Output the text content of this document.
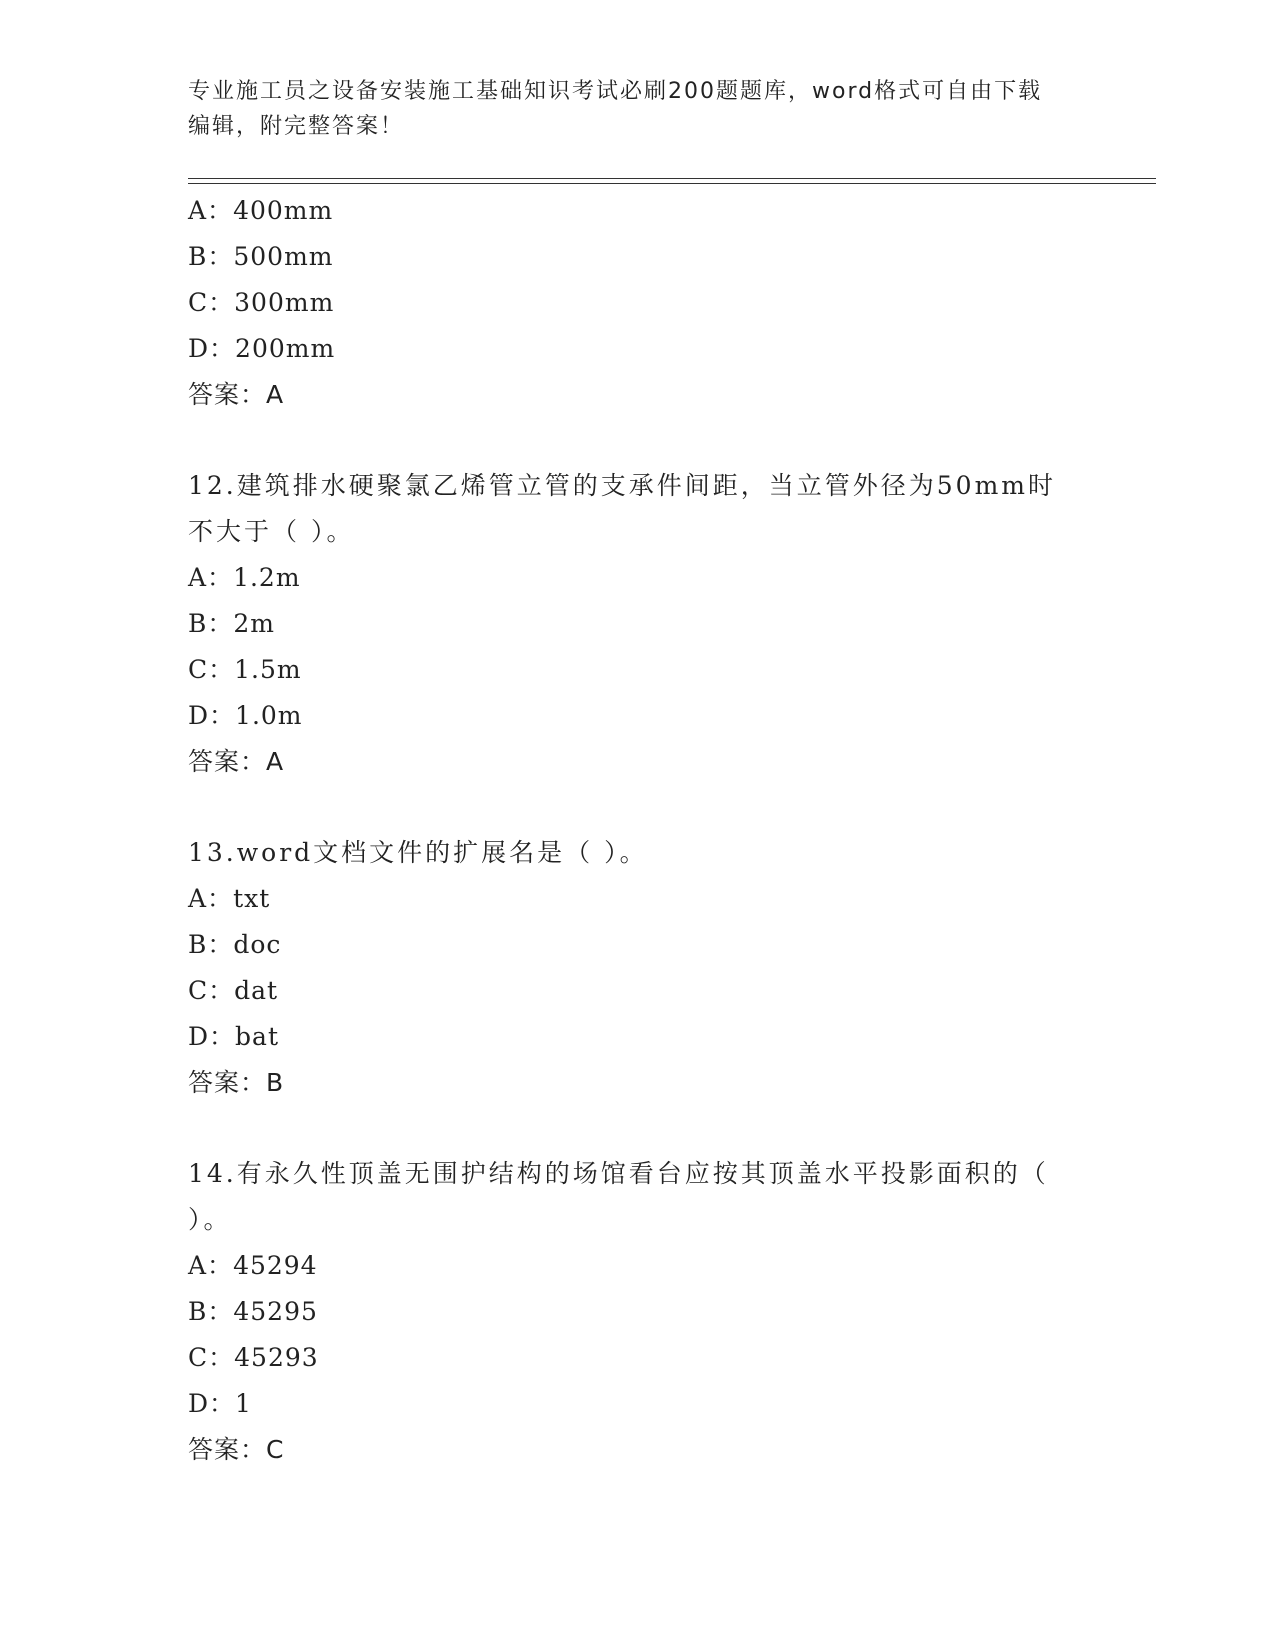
专业施工员之设备安装施工基础知识考试必刷200题题库，word格式可自由下载
编辑，附完整答案！
A：400mm
B：500mm
C：300mm
D：200mm
答案：A
12.建筑排水硬聚氯乙烯管立管的支承件间距，当立管外径为50mm时
不大于（ ）。
A：1.2m
B：2m
C：1.5m
D：1.0m
答案：A
13.word文档文件的扩展名是（ ）。
A：txt
B：doc
C：dat
D：bat
答案：B
14.有永久性顶盖无围护结构的场馆看台应按其顶盖水平投影面积的（
）。
A：45294
B：45295
C：45293
D：1
答案：C
